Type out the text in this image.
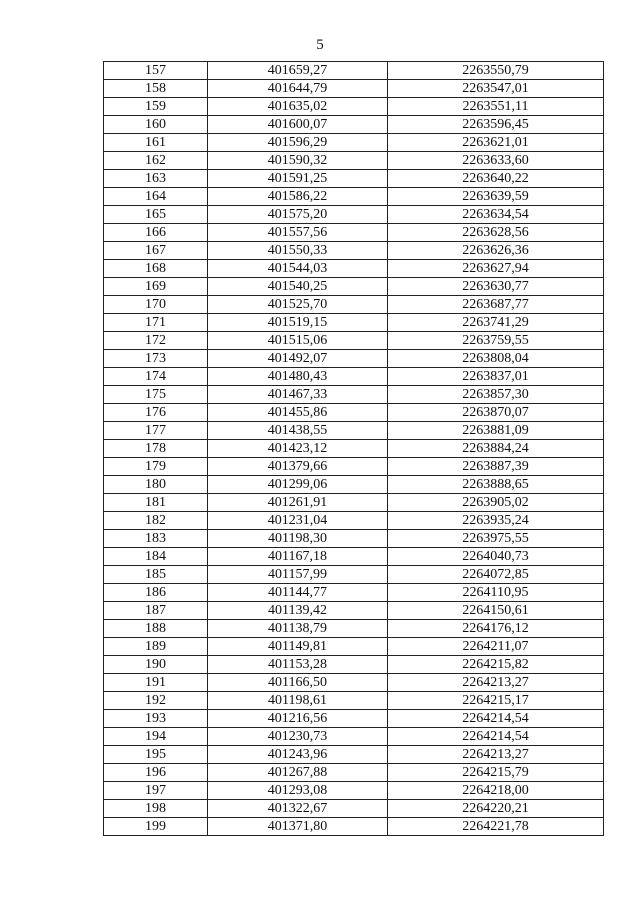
5
157	401659,27	2263550,79
158	401644,79	2263547,01
159	401635,02	2263551,11
160	401600,07	2263596,45
161	401596,29	2263621,01
162	401590,32	2263633,60
163	401591,25	2263640,22
164	401586,22	2263639,59
165	401575,20	2263634,54
166	401557,56	2263628,56
167	401550,33	2263626,36
168	401544,03	2263627,94
169	401540,25	2263630,77
170	401525,70	2263687,77
171	401519,15	2263741,29
172	401515,06	2263759,55
173	401492,07	2263808,04
174	401480,43	2263837,01
175	401467,33	2263857,30
176	401455,86	2263870,07
177	401438,55	2263881,09
178	401423,12	2263884,24
179	401379,66	2263887,39
180	401299,06	2263888,65
181	401261,91	2263905,02
182	401231,04	2263935,24
183	401198,30	2263975,55
184	401167,18	2264040,73
185	401157,99	2264072,85
186	401144,77	2264110,95
187	401139,42	2264150,61
188	401138,79	2264176,12
189	401149,81	2264211,07
190	401153,28	2264215,82
191	401166,50	2264213,27
192	401198,61	2264215,17
193	401216,56	2264214,54
194	401230,73	2264214,54
195	401243,96	2264213,27
196	401267,88	2264215,79
197	401293,08	2264218,00
198	401322,67	2264220,21
199	401371,80	2264221,78
